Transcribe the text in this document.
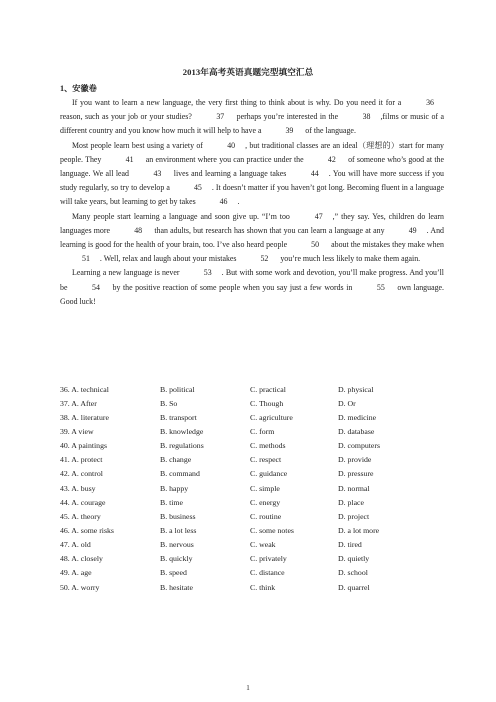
2013年高考英语真题完型填空汇总
1、安徽卷

If you want to learn a new language, the very first thing to think about is why. Do you need it for a	36 reason, such as your job or your studies?	37 perhaps you’re interested in the	38 ,films or music of a different country and you know how much it will help to have a	39 of the language.

Most people learn best using a variety of	40 , but traditional classes are an ideal（理想的）start for many people. They	41 an environment where you can practice under the	42 of someone who’s good at the language. We all lead	43 lives and learning a language takes	44 . You will have more success if you study regularly, so try to develop a	45 . It doesn’t matter if you haven’t got long. Becoming fluent in a language will take years, but learning to get by takes	46 .

Many people start learning a language and soon give up. “I’m too	47 ,” they say. Yes, children do learn languages more	48 than adults, but research has shown that you can learn a language at any	49 . And learning is good for the health of your brain, too. I’ve also heard people	50 about the mistakes they make when 51 . Well, relax and laugh about your mistakes	52 you’re much less likely to make them again.

Learning a new language is never	53 . But with some work and devotion, you’ll make progress. And you’ll be	54 by the positive reaction of some people when you say just a few words in	55 own language. Good luck!

36. A. technical	B. political	C. practical	D. physical
37. A. After	B. So	C. Though	D. Or
38. A. literature	B. transport	C. agriculture	D. medicine
39. A view	B. knowledge	C. form	D. database
40. A paintings	B. regulations	C. methods	D. computers
41. A. protect	B. change	C. respect	D. provide
42. A. control	B. command	C. guidance	D. pressure
43. A. busy	B. happy	C. simple	D. normal
44. A. courage	B. time	C. energy	D. place
45. A. theory	B. business	C. routine	D. project
46. A. some risks	B. a lot less	C. some notes	D. a lot more
47. A. old	B. nervous	C. weak	D. tired
48. A. closely	B. quickly	C. privately	D. quietly
49. A. age	B. speed	C. distance	D. school
50. A. worry	B. hesitate	C. think	D. quarrel
1
